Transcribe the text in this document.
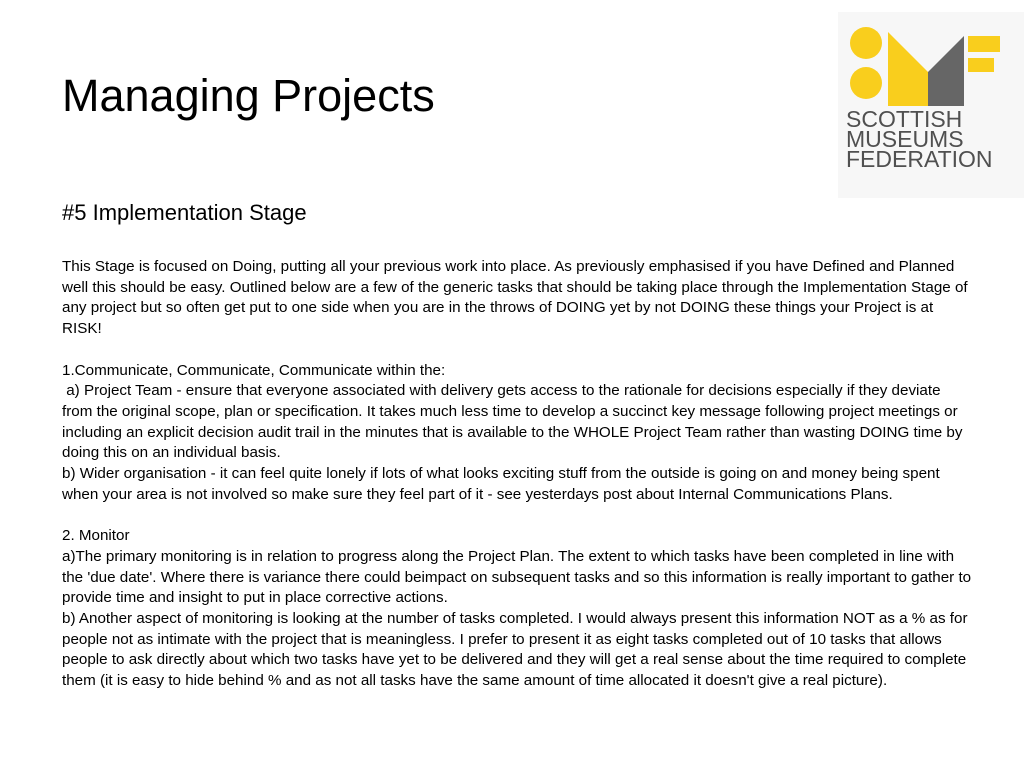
Managing Projects	SCOTTISH
MUSEUMS
FEDERATION
#5 Implementation Stage

This Stage is focused on Doing, putting all your previous work into place. As previously emphasised if you have Defined and Planned well this should be easy. Outlined below are a few of the generic tasks that should be taking place through the Implementation Stage of any project but so often get put to one side when you are in the throws of DOING yet by not DOING these things your Project is at RISK!

1.Communicate, Communicate, Communicate within the:

a) Project Team - ensure that everyone associated with delivery gets access to the rationale for decisions especially if they deviate from the original scope, plan or specification. It takes much less time to develop a succinct key message following project meetings or including an explicit decision audit trail in the minutes that is available to the WHOLE Project Team rather than wasting DOING time by doing this on an individual basis.

b) Wider organisation - it can feel quite lonely if lots of what looks exciting stuff from the outside is going on and money being spent when your area is not involved so make sure they feel part of it - see yesterdays post about Internal Communications Plans.

2. Monitor

a)The primary monitoring is in relation to progress along the Project Plan. The extent to which tasks have been completed in line with the 'due date'. Where there is variance there could beimpact on subsequent tasks and so this information is really important to gather to provide time and insight to put in place corrective actions.

b) Another aspect of monitoring is looking at the number of tasks completed. I would always present this information NOT as a % as for people not as intimate with the project that is meaningless. I prefer to present it as eight tasks completed out of 10 tasks that allows people to ask directly about which two tasks have yet to be delivered and they will get a real sense about the time required to complete them (it is easy to hide behind % and as not all tasks have the same amount of time allocated it doesn't give a real picture).
